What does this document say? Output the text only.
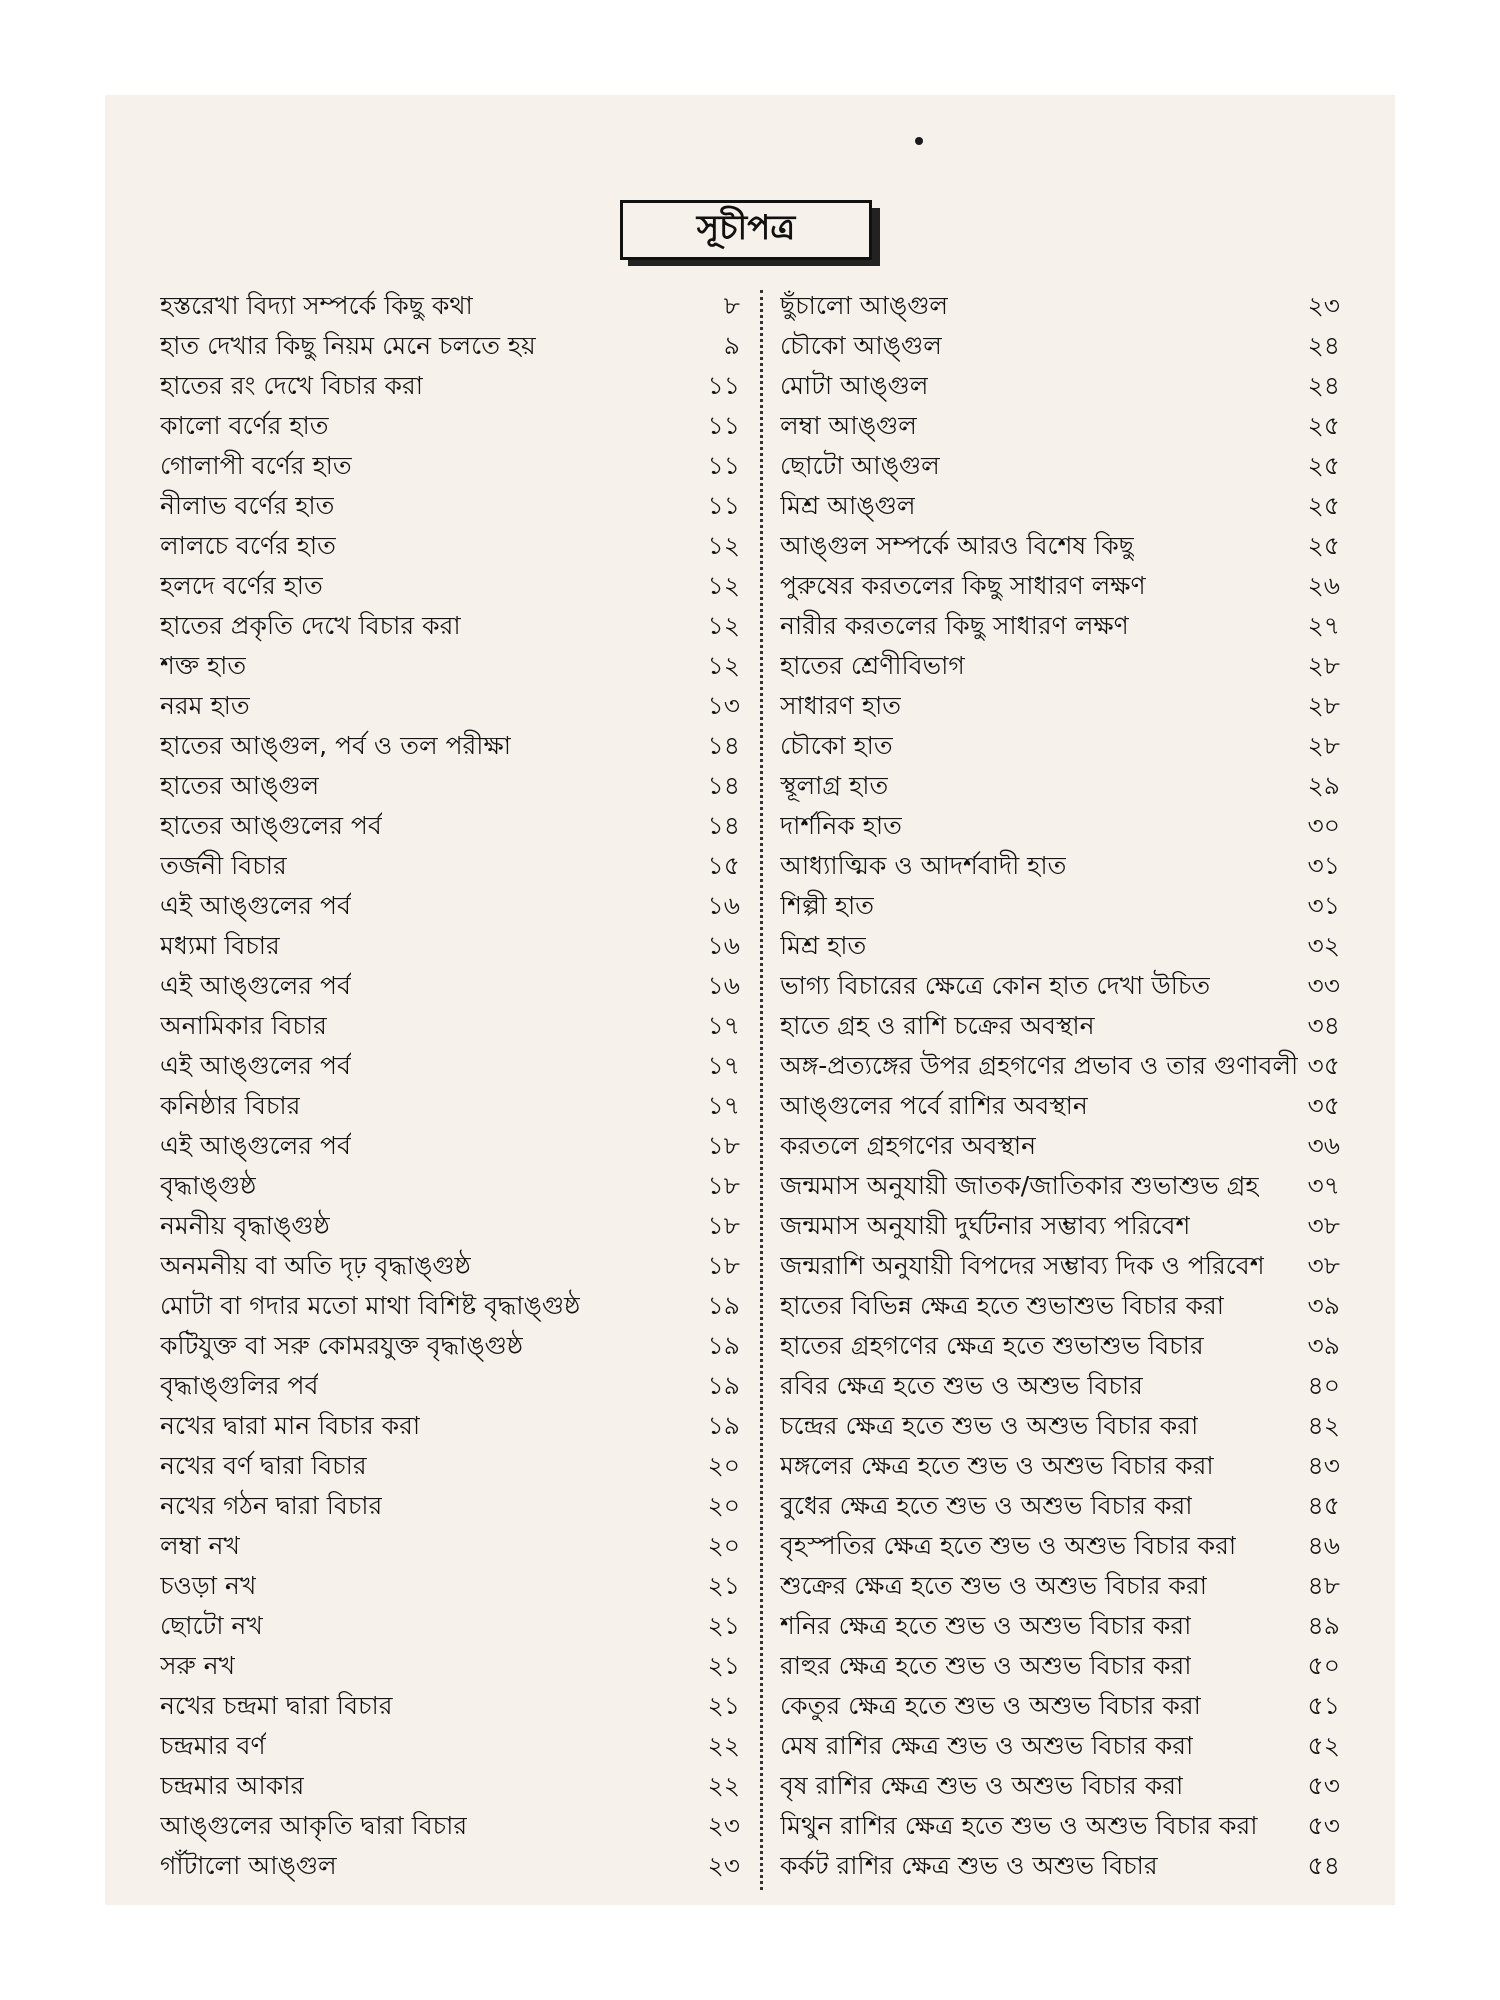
সূচীপত্র
হস্তরেখা বিদ্যা সম্পর্কে কিছু কথা	৮
হাত দেখার কিছু নিয়ম মেনে চলতে হয়	৯
হাতের রং দেখে বিচার করা	১১
কালো বর্ণের হাত	১১
গোলাপী বর্ণের হাত	১১
নীলাভ বর্ণের হাত	১১
লালচে বর্ণের হাত	১২
হলদে বর্ণের হাত	১২
হাতের প্রকৃতি দেখে বিচার করা	১২
শক্ত হাত	১২
নরম হাত	১৩
হাতের আঙ্গুল, পর্ব ও তল পরীক্ষা	১৪
হাতের আঙ্গুল	১৪
হাতের আঙ্গুলের পর্ব	১৪
তর্জনী বিচার	১৫
এই আঙ্গুলের পর্ব	১৬
মধ্যমা বিচার	১৬
এই আঙ্গুলের পর্ব	১৬
অনামিকার বিচার	১৭
এই আঙ্গুলের পর্ব	১৭
কনিষ্ঠার বিচার	১৭
এই আঙ্গুলের পর্ব	১৮
বৃদ্ধাঙ্গুষ্ঠ	১৮
নমনীয় বৃদ্ধাঙ্গুষ্ঠ	১৮
অনমনীয় বা অতি দৃঢ় বৃদ্ধাঙ্গুষ্ঠ	১৮
মোটা বা গদার মতো মাথা বিশিষ্ট বৃদ্ধাঙ্গুষ্ঠ	১৯
কটিযুক্ত বা সরু কোমরযুক্ত বৃদ্ধাঙ্গুষ্ঠ	১৯
বৃদ্ধাঙ্গুলির পর্ব	১৯
নখের দ্বারা মান বিচার করা	১৯
নখের বর্ণ দ্বারা বিচার	২০
নখের গঠন দ্বারা বিচার	২০
লম্বা নখ	২০
চওড়া নখ	২১
ছোটো নখ	২১
সরু নখ	২১
নখের চন্দ্রমা দ্বারা বিচার	২১
চন্দ্রমার বর্ণ	২২
চন্দ্রমার আকার	২২
আঙ্গুলের আকৃতি দ্বারা বিচার	২৩
গাঁটালো আঙ্গুল	২৩
ছুঁচালো আঙ্গুল	২৩
চৌকো আঙ্গুল	২৪
মোটা আঙ্গুল	২৪
লম্বা আঙ্গুল	২৫
ছোটো আঙ্গুল	২৫
মিশ্র আঙ্গুল	২৫
আঙ্গুল সম্পর্কে আরও বিশেষ কিছু	২৫
পুরুষের করতলের কিছু সাধারণ লক্ষণ	২৬
নারীর করতলের কিছু সাধারণ লক্ষণ	২৭
হাতের শ্রেণীবিভাগ	২৮
সাধারণ হাত	২৮
চৌকো হাত	২৮
স্থূলাগ্র হাত	২৯
দার্শনিক হাত	৩০
আধ্যাত্মিক ও আদর্শবাদী হাত	৩১
শিল্পী হাত	৩১
মিশ্র হাত	৩২
ভাগ্য বিচারের ক্ষেত্রে কোন হাত দেখা উচিত	৩৩
হাতে গ্রহ ও রাশি চক্রের অবস্থান	৩৪
অঙ্গ-প্রত্যঙ্গের উপর গ্রহগণের প্রভাব ও তার গুণাবলী ৩৫
আঙ্গুলের পর্বে রাশির অবস্থান	৩৫
করতলে গ্রহগণের অবস্থান	৩৬
জন্মমাস অনুযায়ী জাতক/জাতিকার শুভাশুভ গ্রহ	৩৭
জন্মমাস অনুযায়ী দুর্ঘটনার সম্ভাব্য পরিবেশ	৩৮
জন্মরাশি অনুযায়ী বিপদের সম্ভাব্য দিক ও পরিবেশ	৩৮
হাতের বিভিন্ন ক্ষেত্র হতে শুভাশুভ বিচার করা	৩৯
হাতের গ্রহগণের ক্ষেত্র হতে শুভাশুভ বিচার	৩৯
রবির ক্ষেত্র হতে শুভ ও অশুভ বিচার	৪০
চন্দ্রের ক্ষেত্র হতে শুভ ও অশুভ বিচার করা	৪২
মঙ্গলের ক্ষেত্র হতে শুভ ও অশুভ বিচার করা	৪৩
বুধের ক্ষেত্র হতে শুভ ও অশুভ বিচার করা	৪৫
বৃহস্পতির ক্ষেত্র হতে শুভ ও অশুভ বিচার করা	৪৬
শুক্রের ক্ষেত্র হতে শুভ ও অশুভ বিচার করা	৪৮
শনির ক্ষেত্র হতে শুভ ও অশুভ বিচার করা	৪৯
রাহুর ক্ষেত্র হতে শুভ ও অশুভ বিচার করা	৫০
কেতুর ক্ষেত্র হতে শুভ ও অশুভ বিচার করা	৫১
মেষ রাশির ক্ষেত্র শুভ ও অশুভ বিচার করা	৫২
বৃষ রাশির ক্ষেত্র শুভ ও অশুভ বিচার করা	৫৩
মিথুন রাশির ক্ষেত্র হতে শুভ ও অশুভ বিচার করা	৫৩
কর্কট রাশির ক্ষেত্র শুভ ও অশুভ বিচার	৫৪
